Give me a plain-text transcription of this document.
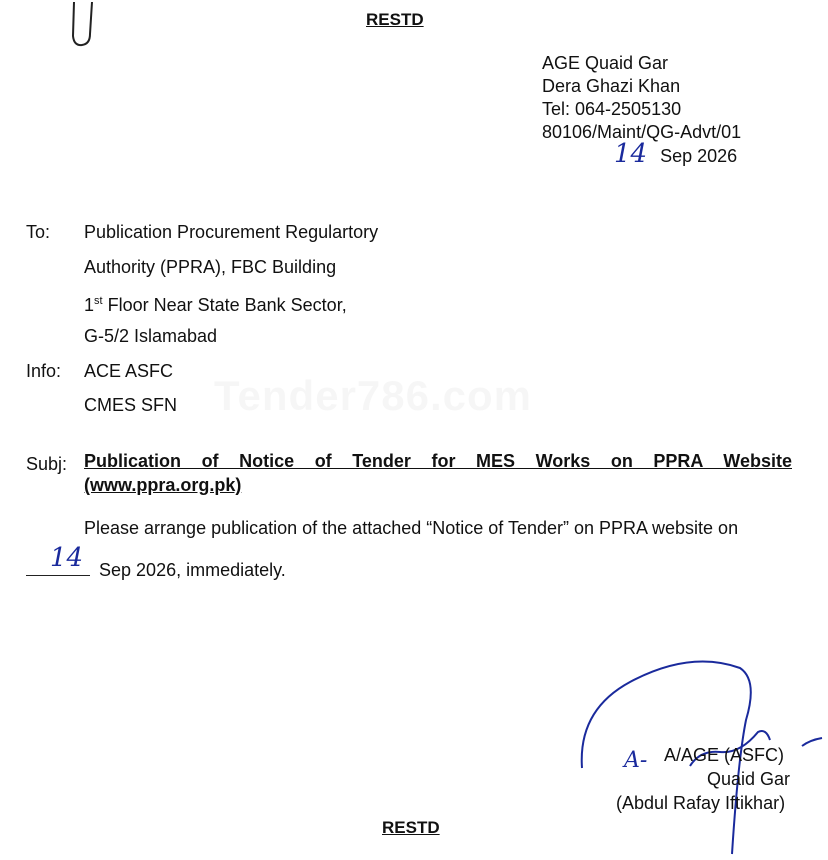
RESTD
AGE Quaid Gar
Dera Ghazi Khan
Tel: 064-2505130
80106/Maint/QG-Advt/01
14 Sep 2026
To: Publication Procurement Regulartory
Authority (PPRA), FBC Building
1st Floor Near State Bank Sector,
G-5/2 Islamabad
Info: ACE ASFC
CMES SFN
Subj: Publication of Notice of Tender for MES Works on PPRA Website
(www.ppra.org.pk)
Please arrange publication of the attached “Notice of Tender” on PPRA website on
14 Sep 2026, immediately.
A- A/AGE (ASFC)
Quaid Gar
(Abdul Rafay Iftikhar)
RESTD
